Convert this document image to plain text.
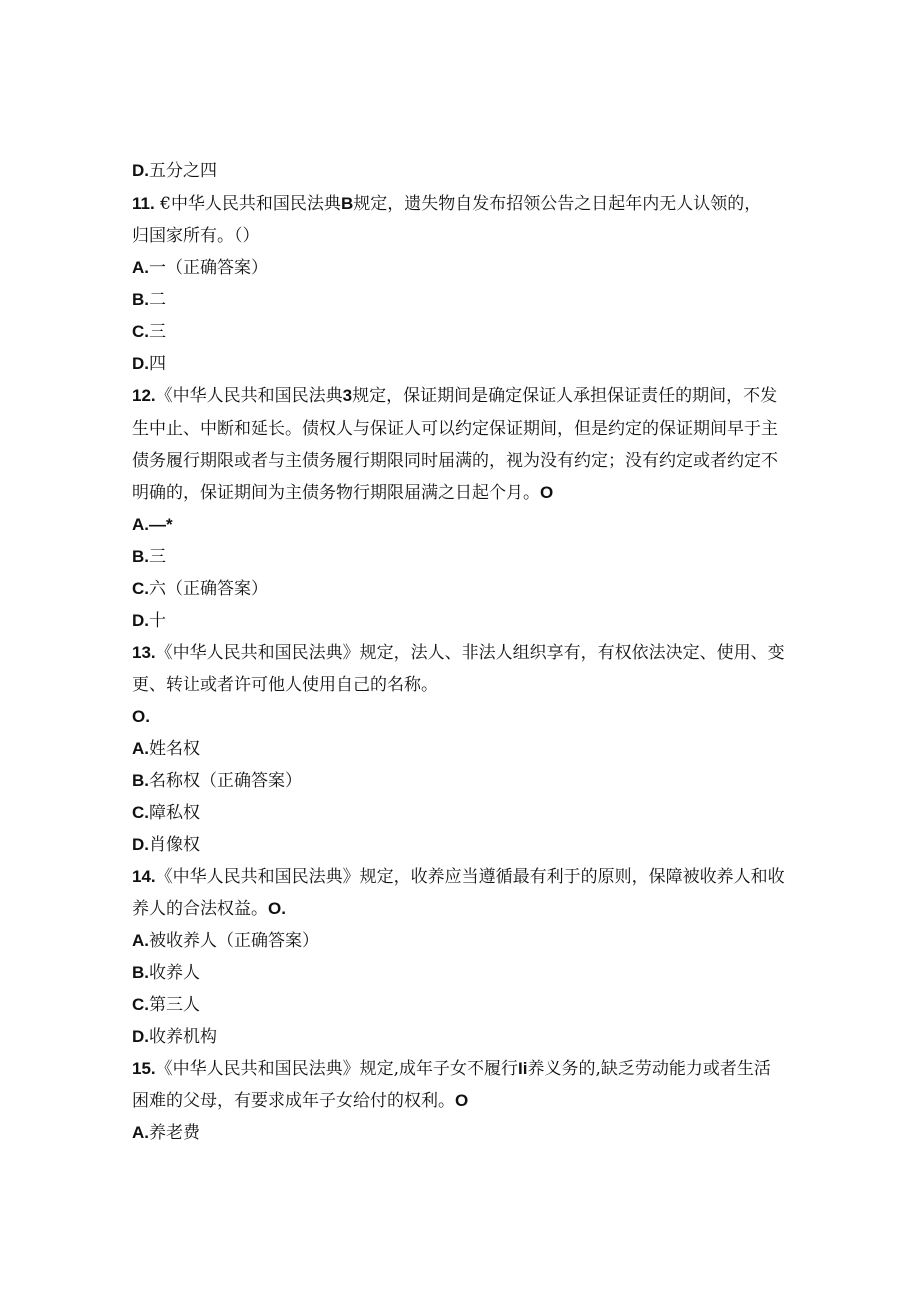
D.五分之四
11. €中华人民共和国民法典B规定，遗失物自发布招领公告之日起年内无人认领的，
归国家所有。（）
A.一（正确答案）
B.二
C.三
D.四
12.《中华人民共和国民法典3规定，保证期间是确定保证人承担保证责任的期间，不发
生中止、中断和延长。债权人与保证人可以约定保证期间，但是约定的保证期间早于主
债务履行期限或者与主债务履行期限同时届满的，视为没有约定；没有约定或者约定不
明确的，保证期间为主债务物行期限届满之日起个月。O
A.—*
B.三
C.六（正确答案）
D.十
13.《中华人民共和国民法典》规定，法人、非法人组织享有，有权依法决定、使用、变
更、转让或者许可他人使用自己的名称。
O.
A.姓名权
B.名称权（正确答案）
C.障私权
D.肖像权
14.《中华人民共和国民法典》规定，收养应当遵循最有利于的原则，保障被收养人和收
养人的合法权益。O.
A.被收养人（正确答案）
B.收养人
C.第三人
D.收养机构
15.《中华人民共和国民法典》规定,成年子女不履行Ii养义务的,缺乏劳动能力或者生活
困难的父母，有要求成年子女给付的权利。O
A.养老费
